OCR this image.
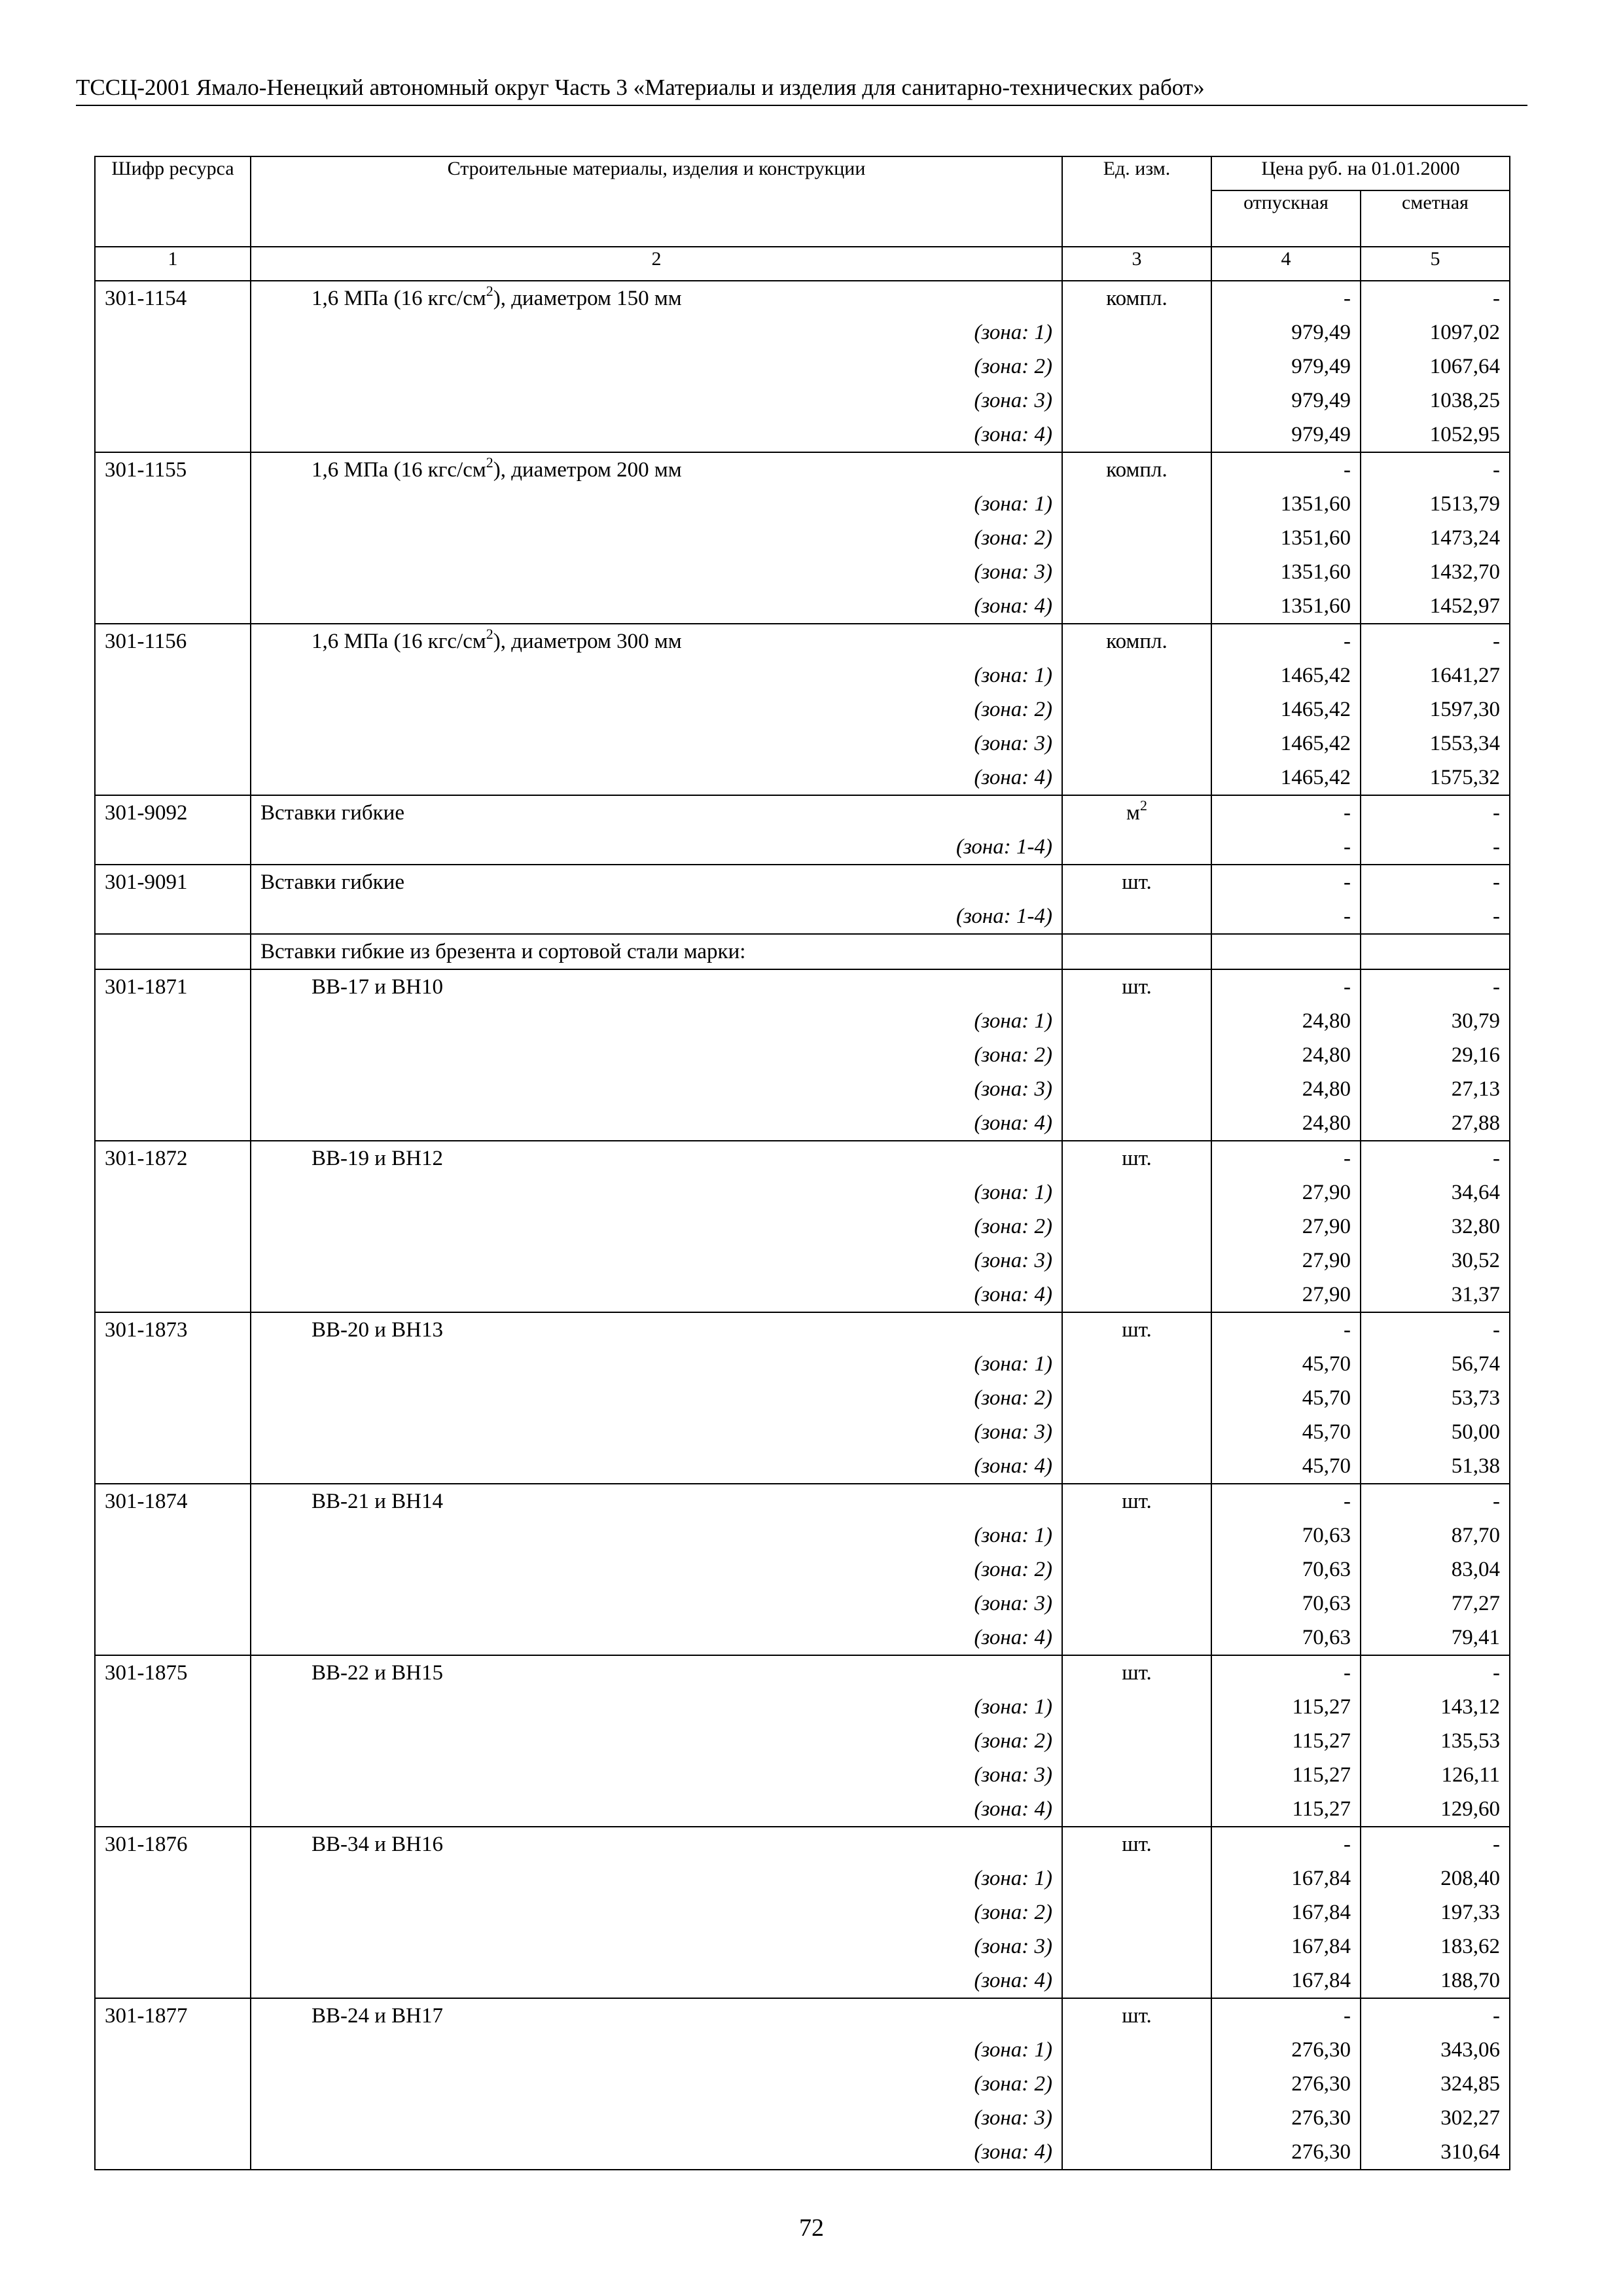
ТССЦ-2001 Ямало-Ненецкий автономный округ Часть 3 «Материалы и изделия для санитарно-технических работ»
Шифр ресурса	Строительные материалы, изделия и конструкции	Ед. изм.	Цена руб. на 01.01.2000	
			отпускная	сметная
1	2	3	4	5
301-1154	1,6 МПа (16 кгс/$см^2$), диаметром 150 мм	компл.	-	-
	(зона: 1)		979,49	1097,02
	(зона: 2)		979,49	1067,64
	(зона: 3)		979,49	1038,25
	(зона: 4)		979,49	1052,95
301-1155	1,6 МПа (16 кгс/$см^2$), диаметром 200 мм	компл.	-	-
	(зона: 1)		1351,60	1513,79
	(зона: 2)		1351,60	1473,24
	(зона: 3)		1351,60	1432,70
	(зона: 4)		1351,60	1452,97
301-1156	1,6 МПа (16 кгс/$см^2$), диаметром 300 мм	компл.	-	-
	(зона: 1)		1465,42	1641,27
	(зона: 2)		1465,42	1597,30
	(зона: 3)		1465,42	1553,34
	(зона: 4)		1465,42	1575,32
301-9092	Вставки гибкие	$м^2$	-	-
	(зона: 1-4)		-	-
301-9091	Вставки гибкие	шт.	-	-
	(зона: 1-4)		-	-
	Вставки гибкие из брезента и сортовой стали марки:			
301-1871	ВВ-17 и ВН10	шт.	-	-
	(зона: 1)		24,80	30,79
	(зона: 2)		24,80	29,16
	(зона: 3)		24,80	27,13
	(зона: 4)		24,80	27,88
301-1872	ВВ-19 и ВН12	шт.	-	-
	(зона: 1)		27,90	34,64
	(зона: 2)		27,90	32,80
	(зона: 3)		27,90	30,52
	(зона: 4)		27,90	31,37
301-1873	ВВ-20 и ВН13	шт.	-	-
	(зона: 1)		45,70	56,74
	(зона: 2)		45,70	53,73
	(зона: 3)		45,70	50,00
	(зона: 4)		45,70	51,38
301-1874	ВВ-21 и ВН14	шт.	-	-
	(зона: 1)		70,63	87,70
	(зона: 2)		70,63	83,04
	(зона: 3)		70,63	77,27
	(зона: 4)		70,63	79,41
301-1875	ВВ-22 и ВН15	шт.	-	-
	(зона: 1)		115,27	143,12
	(зона: 2)		115,27	135,53
	(зона: 3)		115,27	126,11
	(зона: 4)		115,27	129,60
301-1876	ВВ-34 и ВН16	шт.	-	-
	(зона: 1)		167,84	208,40
	(зона: 2)		167,84	197,33
	(зона: 3)		167,84	183,62
	(зона: 4)		167,84	188,70
301-1877	ВВ-24 и ВН17	шт.	-	-
	(зона: 1)		276,30	343,06
	(зона: 2)		276,30	324,85
	(зона: 3)		276,30	302,27
	(зона: 4)		276,30	310,64
72
